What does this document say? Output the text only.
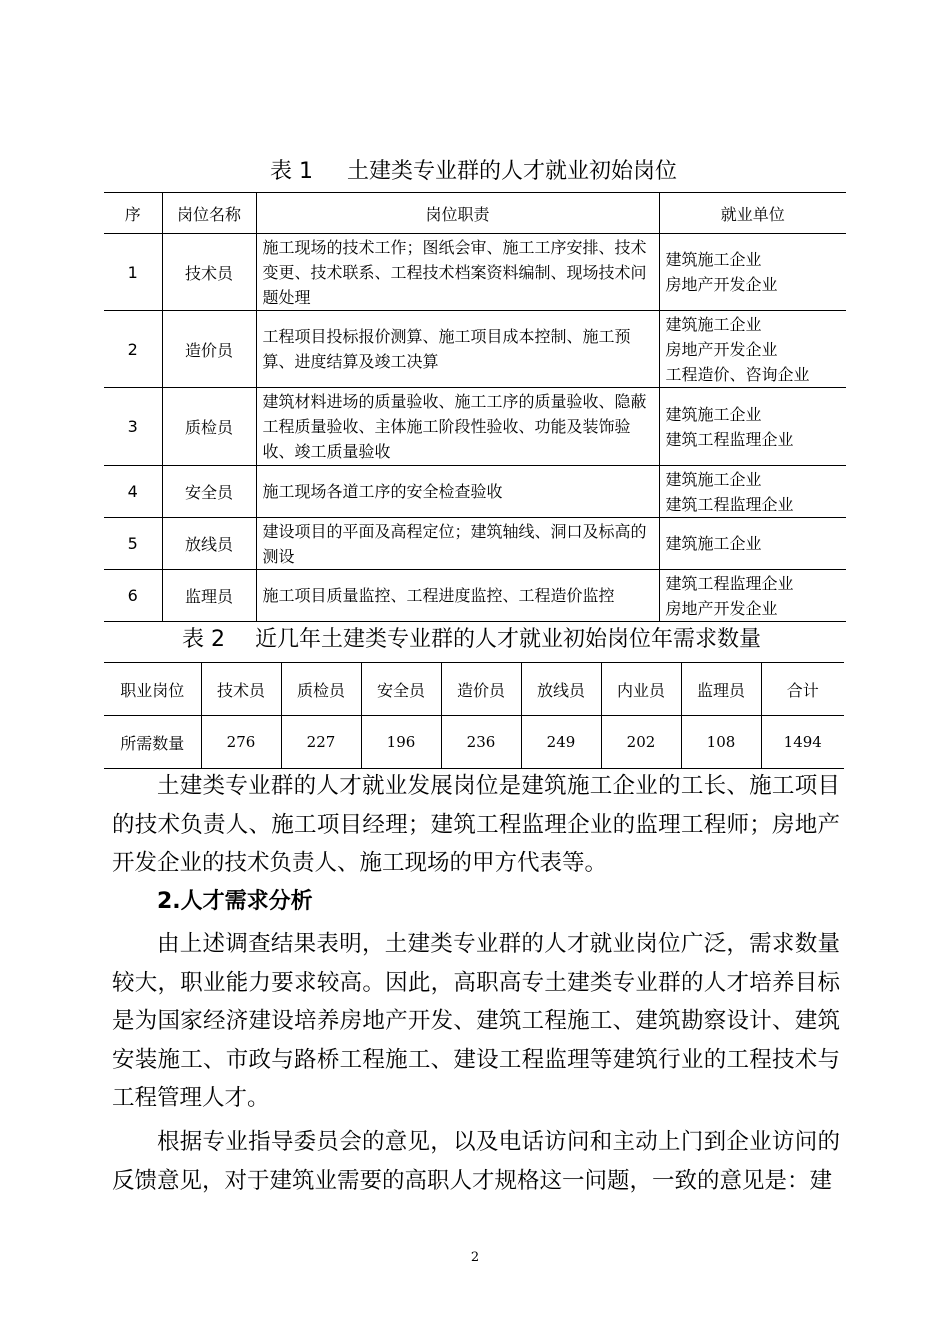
表 1 土建类专业群的人才就业初始岗位
序	岗位名称	岗位职责	就业单位
1	技术员	施工现场的技术工作；图纸会审、施工工序安排、技术变更、技术联系、工程技术档案资料编制、现场技术问题处理	建筑施工企业
房地产开发企业

2	造价员	工程项目投标报价测算、施工项目成本控制、施工预算、进度结算及竣工决算	建筑施工企业
房地产开发企业
工程造价、咨询企业

3	质检员	建筑材料进场的质量验收、施工工序的质量验收、隐蔽工程质量验收、主体施工阶段性验收、功能及装饰验收、竣工质量验收	建筑施工企业
建筑工程监理企业

4	安全员	施工现场各道工序的安全检查验收	建筑施工企业
建筑工程监理企业

5	放线员	建设项目的平面及高程定位；建筑轴线、洞口及标高的测设	建筑施工企业

6	监理员	施工项目质量监控、工程进度监控、工程造价监控	建筑工程监理企业
房地产开发企业
表 2 近几年土建类专业群的人才就业初始岗位年需求数量
职业岗位	技术员	质检员	安全员	造价员	放线员	内业员	监理员	合计
所需数量	276	227	196	236	249	202	108	1494

土建类专业群的人才就业发展岗位是建筑施工企业的工长、施工项目的技术负责人、施工项目经理；建筑工程监理企业的监理工程师；房地产开发企业的技术负责人、施工现场的甲方代表等。

2.人才需求分析

由上述调查结果表明，土建类专业群的人才就业岗位广泛，需求数量较大，职业能力要求较高。因此，高职高专土建类专业群的人才培养目标是为国家经济建设培养房地产开发、建筑工程施工、建筑勘察设计、建筑安装施工、市政与路桥工程施工、建设工程监理等建筑行业的工程技术与工程管理人才。

根据专业指导委员会的意见，以及电话访问和主动上门到企业访问的反馈意见，对于建筑业需要的高职人才规格这一问题，一致的意见是：建

2
